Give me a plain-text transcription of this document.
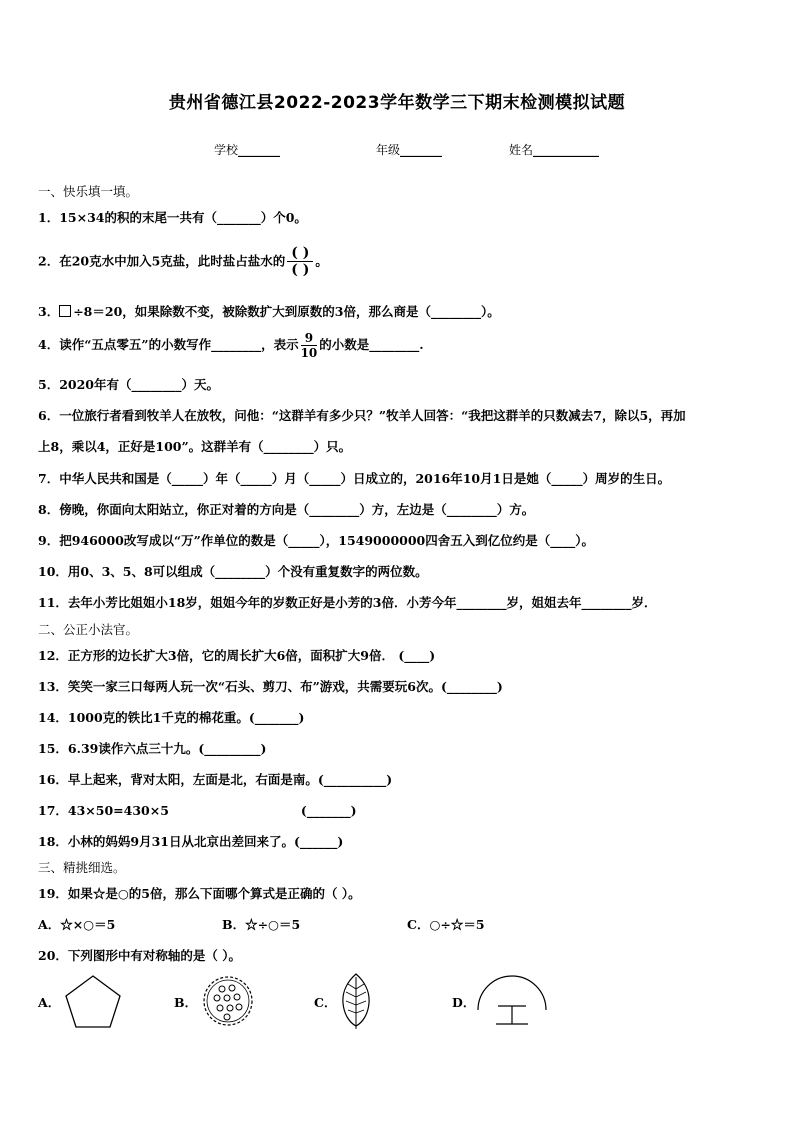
贵州省德江县2022-2023学年数学三下期末检测模拟试题
学校_______	年级_______	姓名___________
一、快乐填一填。
1．15×34的积的末尾一共有（_______）个0。
2．在20克水中加入5克盐，此时盐占盐水的 $\frac{( )}{( )}$ 。
3． ÷8＝20，如果除数不变，被除数扩大到原数的3倍，那么商是（________）。
4．读作“五点零五”的小数写作________，表示 $\frac{9}{10}$ 的小数是________.
5．2020年有（________）天。
6．一位旅行者看到牧羊人在放牧，问他：“这群羊有多少只？”牧羊人回答：“我把这群羊的只数减去7，除以5，再加
上8，乘以4，正好是100”。这群羊有（________）只。
7．中华人民共和国是（_____）年（_____）月（_____）日成立的，2016年10月1日是她（_____）周岁的生日。
8．傍晚，你面向太阳站立，你正对着的方向是（________）方，左边是（________）方。
9．把946000改写成以“万”作单位的数是（_____），1549000000四舍五入到亿位约是（____）。
10．用0、3、5、8可以组成（________）个没有重复数字的两位数。
11．去年小芳比姐姐小18岁，姐姐今年的岁数正好是小芳的3倍．小芳今年________岁，姐姐去年________岁．
二、公正小法官。
12．正方形的边长扩大3倍，它的周长扩大6倍，面积扩大9倍． (____)
13．笑笑一家三口每两人玩一次“石头、剪刀、布”游戏，共需要玩6次。(________)
14．1000克的铁比1千克的棉花重。(_______)
15．6.39读作六点三十九。(_________)
16．早上起来，背对太阳，左面是北，右面是南。(__________)
17．43×50=430×5	(_______)
18．小林的妈妈9月31日从北京出差回来了。(______)
三、精挑细选。
19．如果☆是○的5倍，那么下面哪个算式是正确的（ ）。
A．☆×○＝5	B．☆÷○＝5	C．○÷☆＝5
20．下列图形中有对称轴的是（ ）。
A．	B．	C．	D．
